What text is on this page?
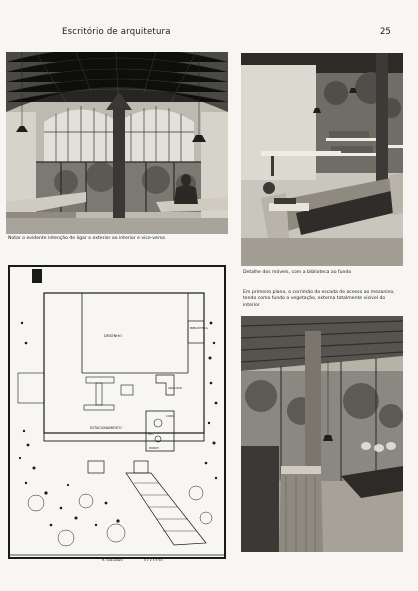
Escritório de arquitetura	25
Notar o evidente intenção de ligar o exterior ao interior e vice-versa
Detalhe dos móveis, com a biblioteca ao fundo
DESENHO
BIBLIOTECA
ARQUIVO
ESTACIONAMENTO
COPA
W.C.
PORCH
R. SALGADO	0 1 2 3 4 5m
Em primeiro plano, o corrimão da escada de acesso ao mezanino, tendo como fundo a vegetação, externa totalmente visível do interior
